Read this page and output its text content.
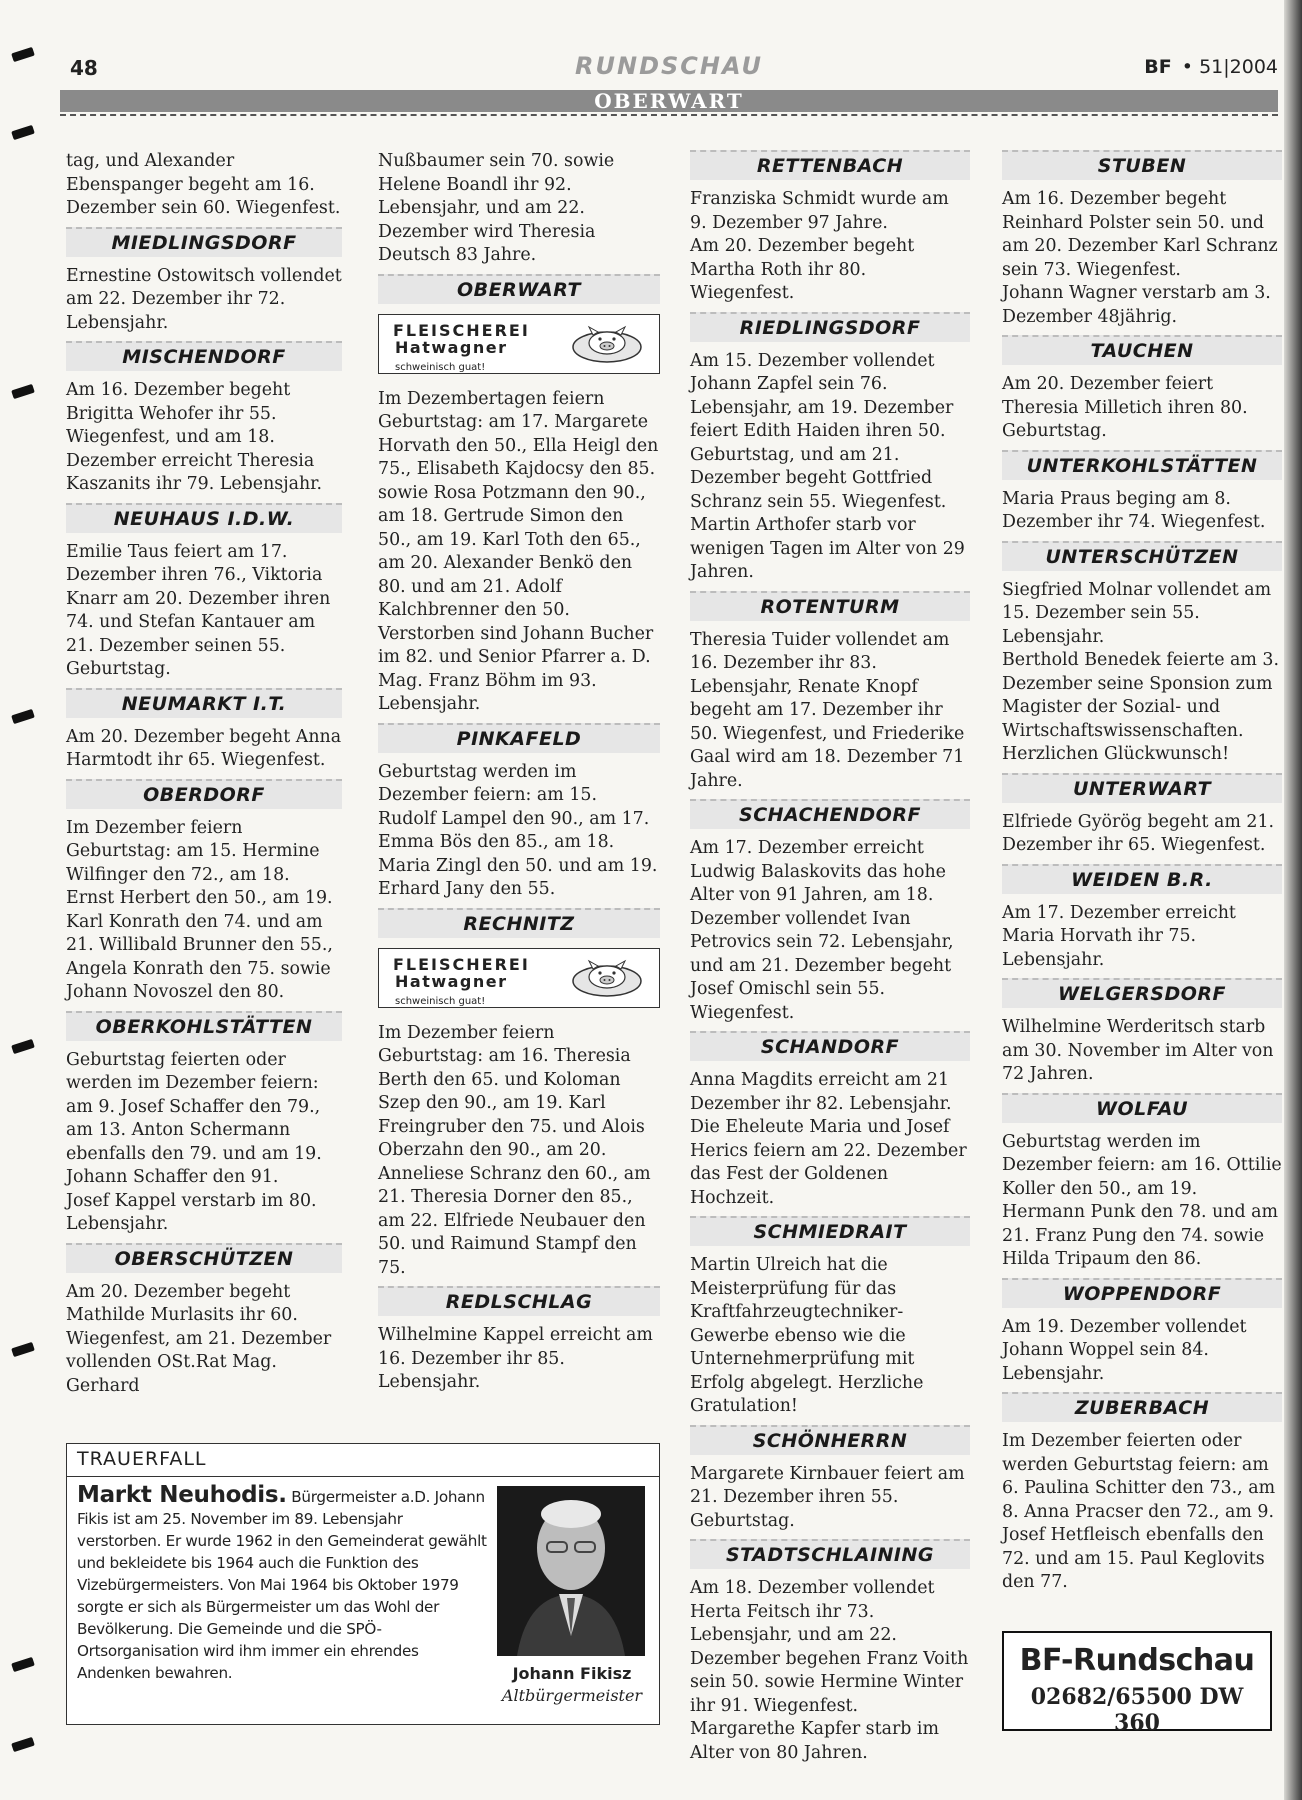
48	RUNDSCHAU	BF • 51|2004
OBERWART

tag, und Alexander Ebenspanger begeht am 16. Dezember sein 60. Wiegenfest.

MIEDLINGSDORF

Ernestine Ostowitsch vollendet am 22. Dezember ihr 72. Lebensjahr.

MISCHENDORF

Am 16. Dezember begeht Brigitta Wehofer ihr 55. Wiegenfest, und am 18. Dezember erreicht Theresia Kaszanits ihr 79. Lebensjahr.

NEUHAUS I.D.W.

Emilie Taus feiert am 17. Dezember ihren 76., Viktoria Knarr am 20. Dezember ihren 74. und Stefan Kantauer am 21. Dezember seinen 55. Geburtstag.

NEUMARKT I.T.

Am 20. Dezember begeht Anna Harmtodt ihr 65. Wiegenfest.

OBERDORF

Im Dezember feiern Geburtstag: am 15. Hermine Wilfinger den 72., am 18. Ernst Herbert den 50., am 19. Karl Konrath den 74. und am 21. Willibald Brunner den 55., Angela Konrath den 75. sowie Johann Novoszel den 80.

OBERKOHLSTÄTTEN

Geburtstag feierten oder werden im Dezember feiern: am 9. Josef Schaffer den 79., am 13. Anton Schermann ebenfalls den 79. und am 19. Johann Schaffer den 91.

Josef Kappel verstarb im 80. Lebensjahr.

OBERSCHÜTZEN

Am 20. Dezember begeht Mathilde Murlasits ihr 60. Wiegenfest, am 21. Dezember vollenden OSt.Rat Mag. Gerhard

Nußbaumer sein 70. sowie Helene Boandl ihr 92. Lebensjahr, und am 22. Dezember wird Theresia Deutsch 83 Jahre.

OBERWART
FLEISCHEREI
Hatwagner
schweinisch guat!

Im Dezembertagen feiern Geburtstag: am 17. Margarete Horvath den 50., Ella Heigl den 75., Elisabeth Kajdocsy den 85. sowie Rosa Potzmann den 90., am 18. Gertrude Simon den 50., am 19. Karl Toth den 65., am 20. Alexander Benkö den 80. und am 21. Adolf Kalchbrenner den 50. Verstorben sind Johann Bucher im 82. und Senior Pfarrer a. D. Mag. Franz Böhm im 93. Lebensjahr.

PINKAFELD

Geburtstag werden im Dezember feiern: am 15. Rudolf Lampel den 90., am 17. Emma Bös den 85., am 18. Maria Zingl den 50. und am 19. Erhard Jany den 55.

RECHNITZ
FLEISCHEREI
Hatwagner
schweinisch guat!

Im Dezember feiern Geburtstag: am 16. Theresia Berth den 65. und Koloman Szep den 90., am 19. Karl Freingruber den 75. und Alois Oberzahn den 90., am 20. Anneliese Schranz den 60., am 21. Theresia Dorner den 85., am 22. Elfriede Neubauer den 50. und Raimund Stampf den 75.

REDLSCHLAG

Wilhelmine Kappel erreicht am 16. Dezember ihr 85. Lebensjahr.

RETTENBACH

Franziska Schmidt wurde am 9. Dezember 97 Jahre.

Am 20. Dezember begeht Martha Roth ihr 80. Wiegenfest.

RIEDLINGSDORF

Am 15. Dezember vollendet Johann Zapfel sein 76. Lebensjahr, am 19. Dezember feiert Edith Haiden ihren 50. Geburtstag, und am 21. Dezember begeht Gottfried Schranz sein 55. Wiegenfest.

Martin Arthofer starb vor wenigen Tagen im Alter von 29 Jahren.

ROTENTURM

Theresia Tuider vollendet am 16. Dezember ihr 83. Lebensjahr, Renate Knopf begeht am 17. Dezember ihr 50. Wiegenfest, und Friederike Gaal wird am 18. Dezember 71 Jahre.

SCHACHENDORF

Am 17. Dezember erreicht Ludwig Balaskovits das hohe Alter von 91 Jahren, am 18. Dezember vollendet Ivan Petrovics sein 72. Lebensjahr, und am 21. Dezember begeht Josef Omischl sein 55. Wiegenfest.

SCHANDORF

Anna Magdits erreicht am 21 Dezember ihr 82. Lebensjahr. Die Eheleute Maria und Josef Herics feiern am 22. Dezember das Fest der Goldenen Hochzeit.

SCHMIEDRAIT

Martin Ulreich hat die Meisterprüfung für das Kraftfahrzeugtechniker-Gewerbe ebenso wie die Unternehmerprüfung mit Erfolg abgelegt. Herzliche Gratulation!

SCHÖNHERRN

Margarete Kirnbauer feiert am 21. Dezember ihren 55. Geburtstag.

STADTSCHLAINING

Am 18. Dezember vollendet Herta Feitsch ihr 73. Lebensjahr, und am 22. Dezember begehen Franz Voith sein 50. sowie Hermine Winter ihr 91. Wiegenfest.

Margarethe Kapfer starb im Alter von 80 Jahren.

STUBEN

Am 16. Dezember begeht Reinhard Polster sein 50. und am 20. Dezember Karl Schranz sein 73. Wiegenfest.

Johann Wagner verstarb am 3. Dezember 48jährig.

TAUCHEN

Am 20. Dezember feiert Theresia Milletich ihren 80. Geburtstag.

UNTERKOHLSTÄTTEN

Maria Praus beging am 8. Dezember ihr 74. Wiegenfest.

UNTERSCHÜTZEN

Siegfried Molnar vollendet am 15. Dezember sein 55. Lebensjahr.

Berthold Benedek feierte am 3. Dezember seine Sponsion zum Magister der Sozial- und Wirtschaftswissenschaften. Herzlichen Glückwunsch!

UNTERWART

Elfriede Györög begeht am 21. Dezember ihr 65. Wiegenfest.

WEIDEN B.R.

Am 17. Dezember erreicht Maria Horvath ihr 75. Lebensjahr.

WELGERSDORF

Wilhelmine Werderitsch starb am 30. November im Alter von 72 Jahren.

WOLFAU

Geburtstag werden im Dezember feiern: am 16. Ottilie Koller den 50., am 19. Hermann Punk den 78. und am 21. Franz Pung den 74. sowie Hilda Tripaum den 86.

WOPPENDORF

Am 19. Dezember vollendet Johann Woppel sein 84. Lebensjahr.

ZUBERBACH

Im Dezember feierten oder werden Geburtstag feiern: am 6. Paulina Schitter den 73., am 8. Anna Pracser den 72., am 9. Josef Hetfleisch ebenfalls den 72. und am 15. Paul Keglovits den 77.

TRAUERFALL
Markt Neuhodis. Bürgermeister a.D. Johann Fikis ist am 25. November im 89. Lebensjahr verstorben. Er wurde 1962 in den Gemeinderat gewählt und bekleidete bis 1964 auch die Funktion des Vizebürgermeisters. Von Mai 1964 bis Oktober 1979 sorgte er sich als Bürgermeister um das Wohl der Bevölkerung. Die Gemeinde und die SPÖ-Ortsorganisation wird ihm immer ein ehrendes Andenken bewahren.	Johann Fikisz
Altbürgermeister
BF-Rundschau
02682/65500 DW 360
